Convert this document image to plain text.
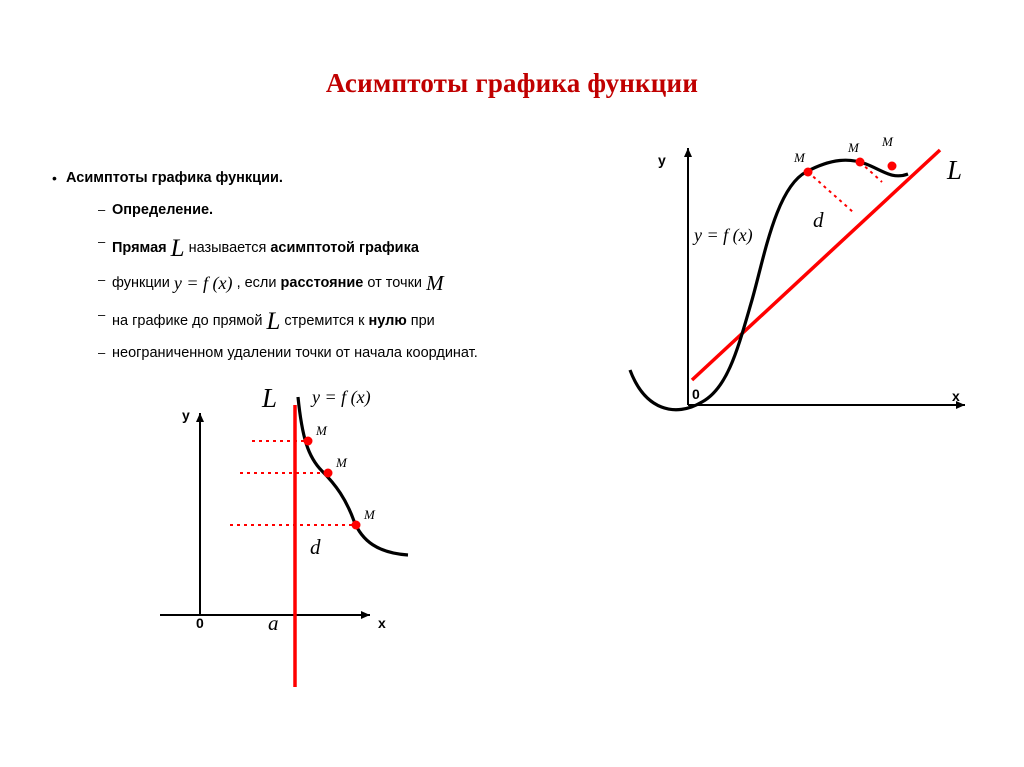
Асимптоты графика функции
• Асимптоты графика функции.
– Определение.
– Прямая L называется асимптотой графика
– функции y = f (x) , если расстояние от точки M
– на графике до прямой L стремится к нулю при
– неограниченном удалении точки от начала координат.
y
x
0
y = f (x)
L
d
M
M M
y
x
0
L y = f (x)
d
a
M
M
M
